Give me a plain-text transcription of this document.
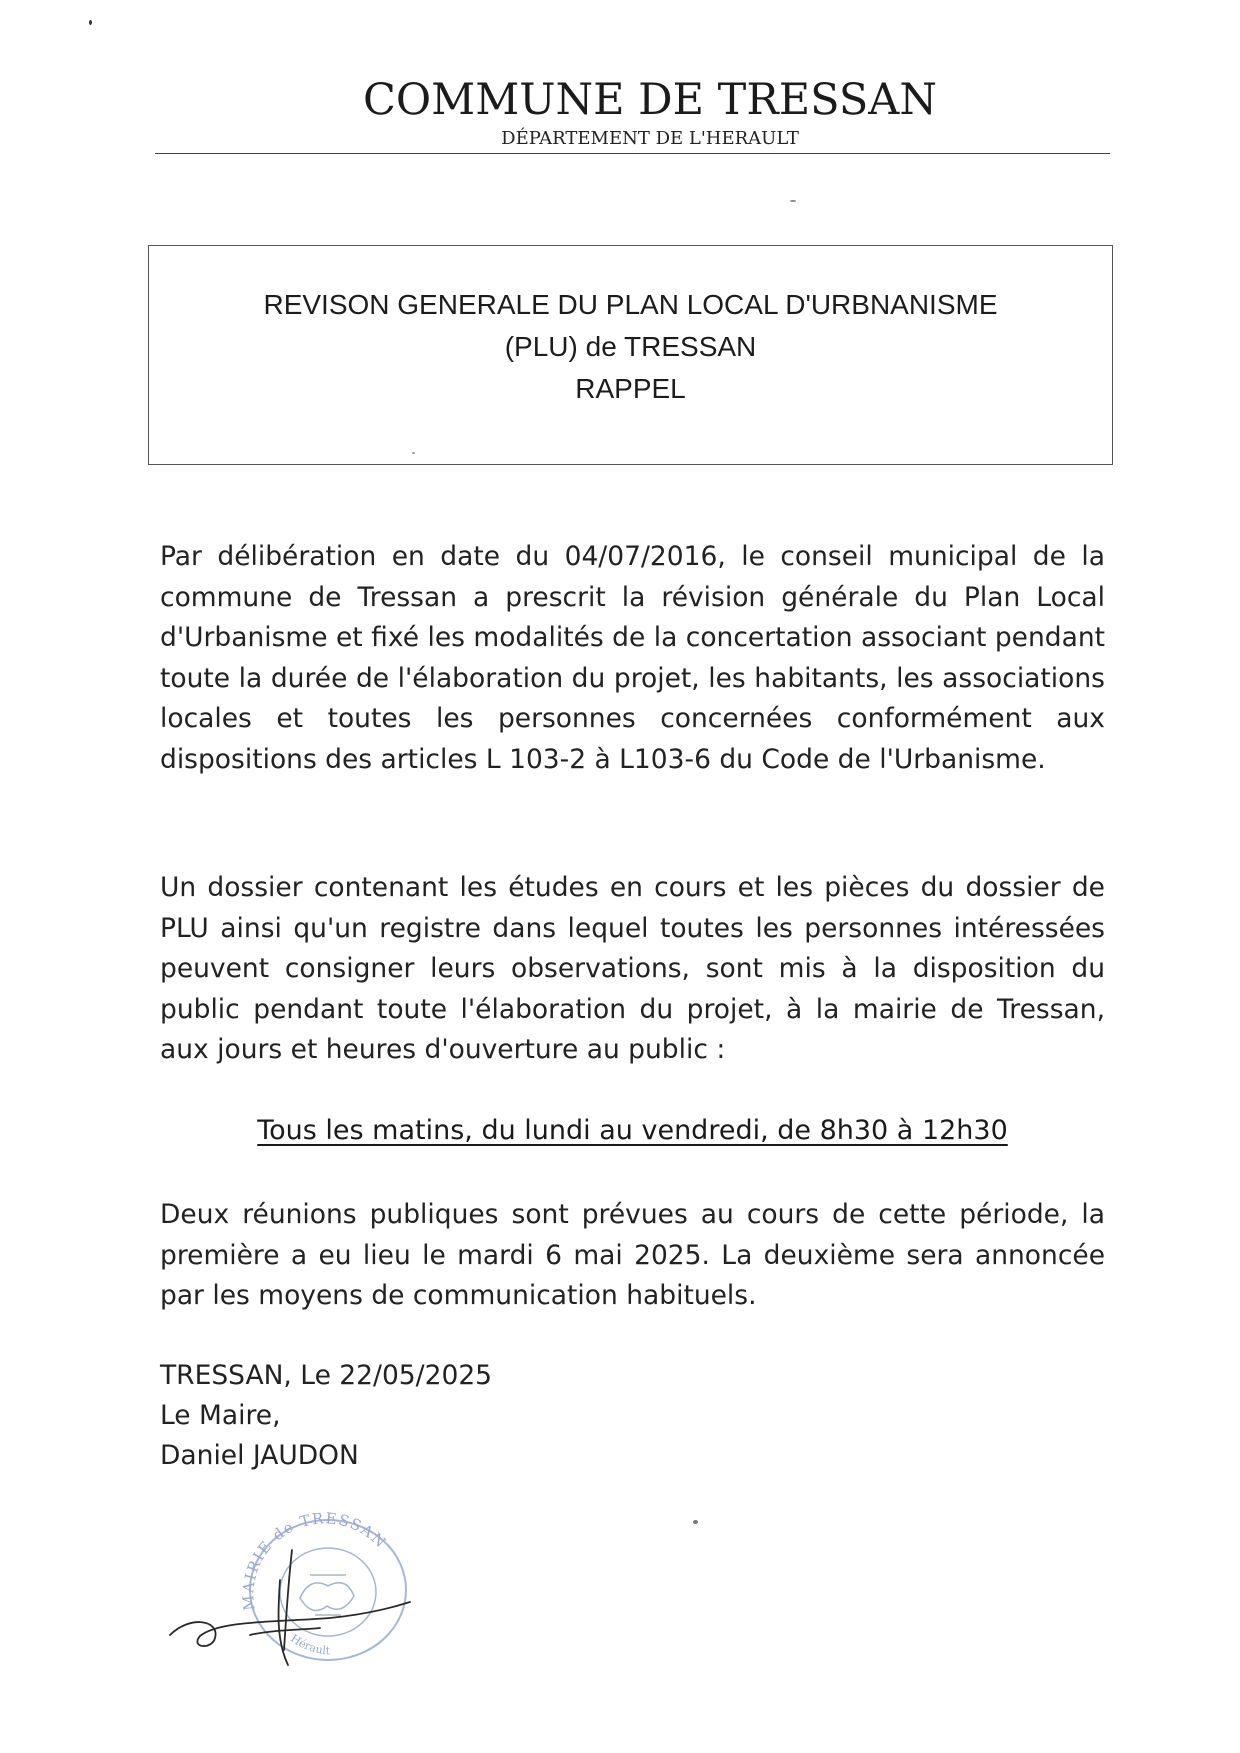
COMMUNE DE TRESSAN
DÉPARTEMENT DE L'HERAULT
REVISON GENERALE DU PLAN LOCAL D'URBNANISME
(PLU) de TRESSAN
RAPPEL
Par délibération en date du 04/07/2016, le conseil municipal de la commune de Tressan a prescrit la révision générale du Plan Local d'Urbanisme et fixé les modalités de la concertation associant pendant toute la durée de l'élaboration du projet, les habitants, les associations locales et toutes les personnes concernées conformément aux dispositions des articles L 103-2 à L103-6 du Code de l'Urbanisme.
Un dossier contenant les études en cours et les pièces du dossier de PLU ainsi qu'un registre dans lequel toutes les personnes intéressées peuvent consigner leurs observations, sont mis à la disposition du public pendant toute l'élaboration du projet, à la mairie de Tressan, aux jours et heures d'ouverture au public :
Tous les matins, du lundi au vendredi, de 8h30 à 12h30
Deux réunions publiques sont prévues au cours de cette période, la première a eu lieu le mardi 6 mai 2025. La deuxième sera annoncée par les moyens de communication habituels.
TRESSAN, Le 22/05/2025
Le Maire,
Daniel JAUDON
MAIRIE de TRESSAN
Hérault
